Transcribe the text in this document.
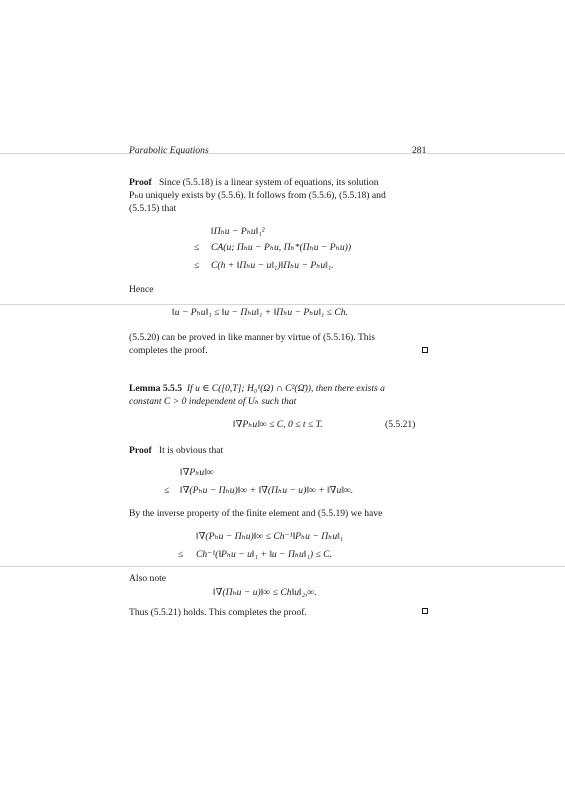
Parabolic Equations	281
Proof Since (5.5.18) is a linear system of equations, its solution
Pₕu uniquely exists by (5.5.6). It follows from (5.5.6), (5.5.18) and
(5.5.15) that
‖Πₕu − Pₕu‖₁²
≤ CA(u; Πₕu − Pₕu, Πₕ*(Πₕu − Pₕu))
≤ C(h + ‖Πₕu − u‖₁)‖Πₕu − Pₕu‖₁.
Hence
‖u − Pₕu‖₁ ≤ ‖u − Πₕu‖₁ + ‖Πₕu − Pₕu‖₁ ≤ Ch.
(5.5.20) can be proved in like manner by virtue of (5.5.16). This
completes the proof.
Lemma 5.5.5 If u ∈ C([0,T]; H₀¹(Ω) ∩ C²(Ω̄)), then there exists a
constant C > 0 independent of Uₕ such that
‖∇Pₕu‖∞ ≤ C, 0 ≤ t ≤ T.	(5.5.21)
Proof It is obvious that
‖∇Pₕu‖∞
≤ ‖∇(Pₕu − Πₕu)‖∞ + ‖∇(Πₕu − u)‖∞ + ‖∇u‖∞.
By the inverse property of the finite element and (5.5.19) we have
‖∇(Pₕu − Πₕu)‖∞ ≤ Ch⁻¹‖Pₕu − Πₕu‖₁
≤ Ch⁻¹(‖Pₕu − u‖₁ + ‖u − Πₕu‖₁) ≤ C.
Also note
‖∇(Πₕu − u)‖∞ ≤ Ch‖u‖₂,∞.
Thus (5.5.21) holds. This completes the proof.
